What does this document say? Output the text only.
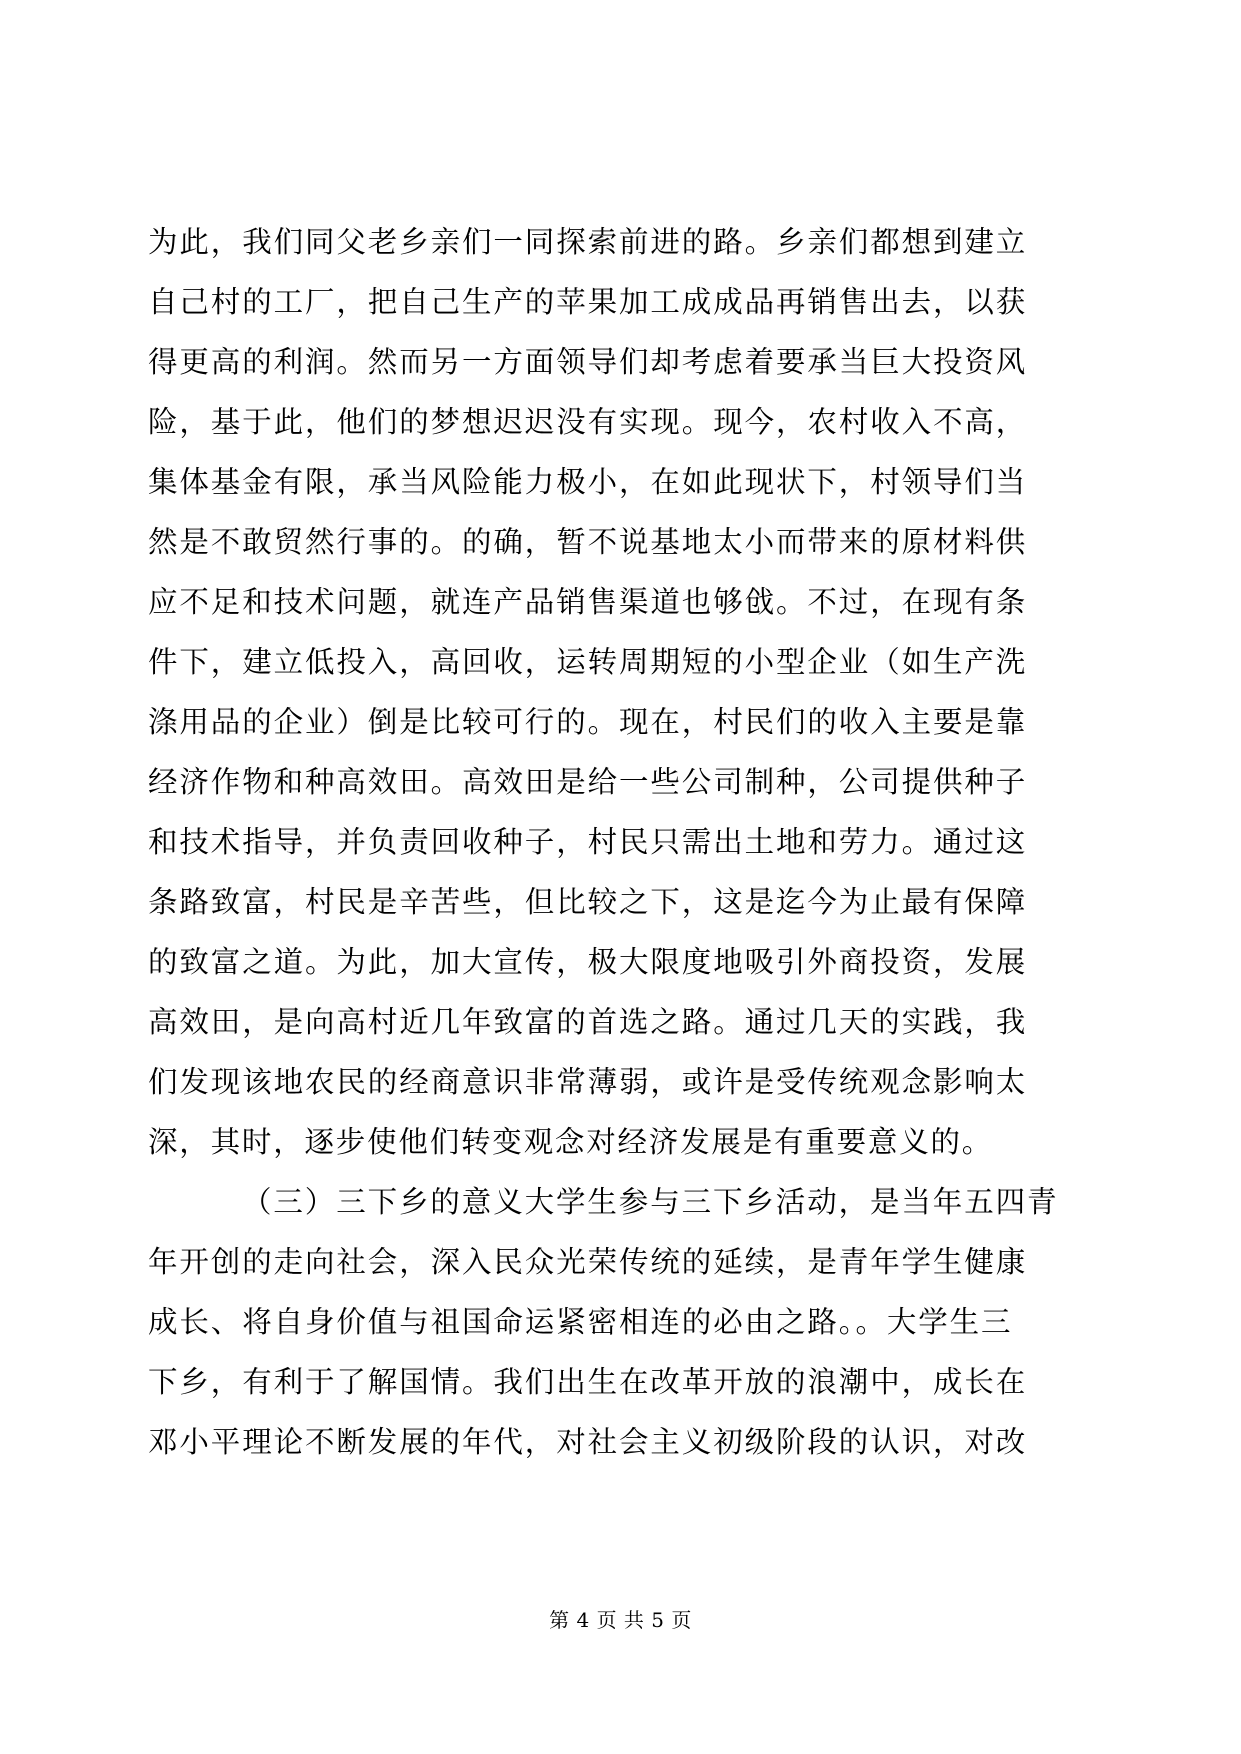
为此，我们同父老乡亲们一同探索前进的路。乡亲们都想到建立
自己村的工厂，把自己生产的苹果加工成成品再销售出去，以获
得更高的利润。然而另一方面领导们却考虑着要承当巨大投资风
险，基于此，他们的梦想迟迟没有实现。现今，农村收入不高，
集体基金有限，承当风险能力极小，在如此现状下，村领导们当
然是不敢贸然行事的。的确，暂不说基地太小而带来的原材料供
应不足和技术问题，就连产品销售渠道也够戗。不过，在现有条
件下，建立低投入，高回收，运转周期短的小型企业（如生产洗
涤用品的企业）倒是比较可行的。现在，村民们的收入主要是靠
经济作物和种高效田。高效田是给一些公司制种，公司提供种子
和技术指导，并负责回收种子，村民只需出土地和劳力。通过这
条路致富，村民是辛苦些，但比较之下，这是迄今为止最有保障
的致富之道。为此，加大宣传，极大限度地吸引外商投资，发展
高效田，是向高村近几年致富的首选之路。通过几天的实践，我
们发现该地农民的经商意识非常薄弱，或许是受传统观念影响太
深，其时，逐步使他们转变观念对经济发展是有重要意义的。
（三）三下乡的意义大学生参与三下乡活动，是当年五四青
年开创的走向社会，深入民众光荣传统的延续，是青年学生健康
成长、将自身价值与祖国命运紧密相连的必由之路。。大学生三
下乡，有利于了解国情。我们出生在改革开放的浪潮中，成长在
邓小平理论不断发展的年代，对社会主义初级阶段的认识，对改
第 4 页 共 5 页
